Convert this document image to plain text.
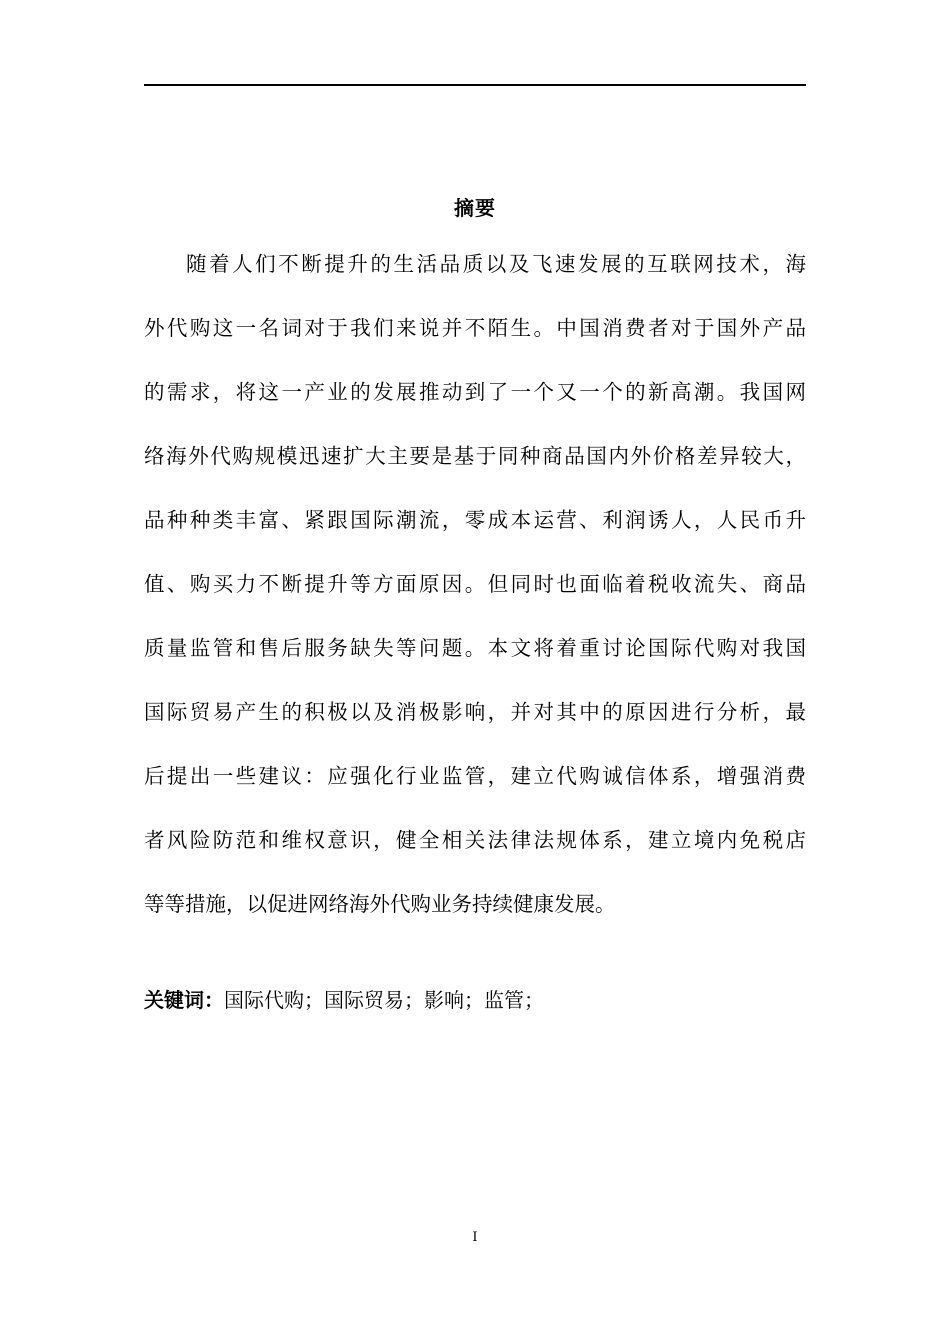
摘要
随着人们不断提升的生活品质以及飞速发展的互联网技术，海
外代购这一名词对于我们来说并不陌生。中国消费者对于国外产品
的需求，将这一产业的发展推动到了一个又一个的新高潮。我国网
络海外代购规模迅速扩大主要是基于同种商品国内外价格差异较大，
品种种类丰富、紧跟国际潮流，零成本运营、利润诱人，人民币升
值、购买力不断提升等方面原因。但同时也面临着税收流失、商品
质量监管和售后服务缺失等问题。本文将着重讨论国际代购对我国
国际贸易产生的积极以及消极影响，并对其中的原因进行分析，最
后提出一些建议：应强化行业监管，建立代购诚信体系，增强消费
者风险防范和维权意识，健全相关法律法规体系，建立境内免税店
等等措施，以促进网络海外代购业务持续健康发展。
关键词：国际代购；国际贸易；影响；监管；
I
